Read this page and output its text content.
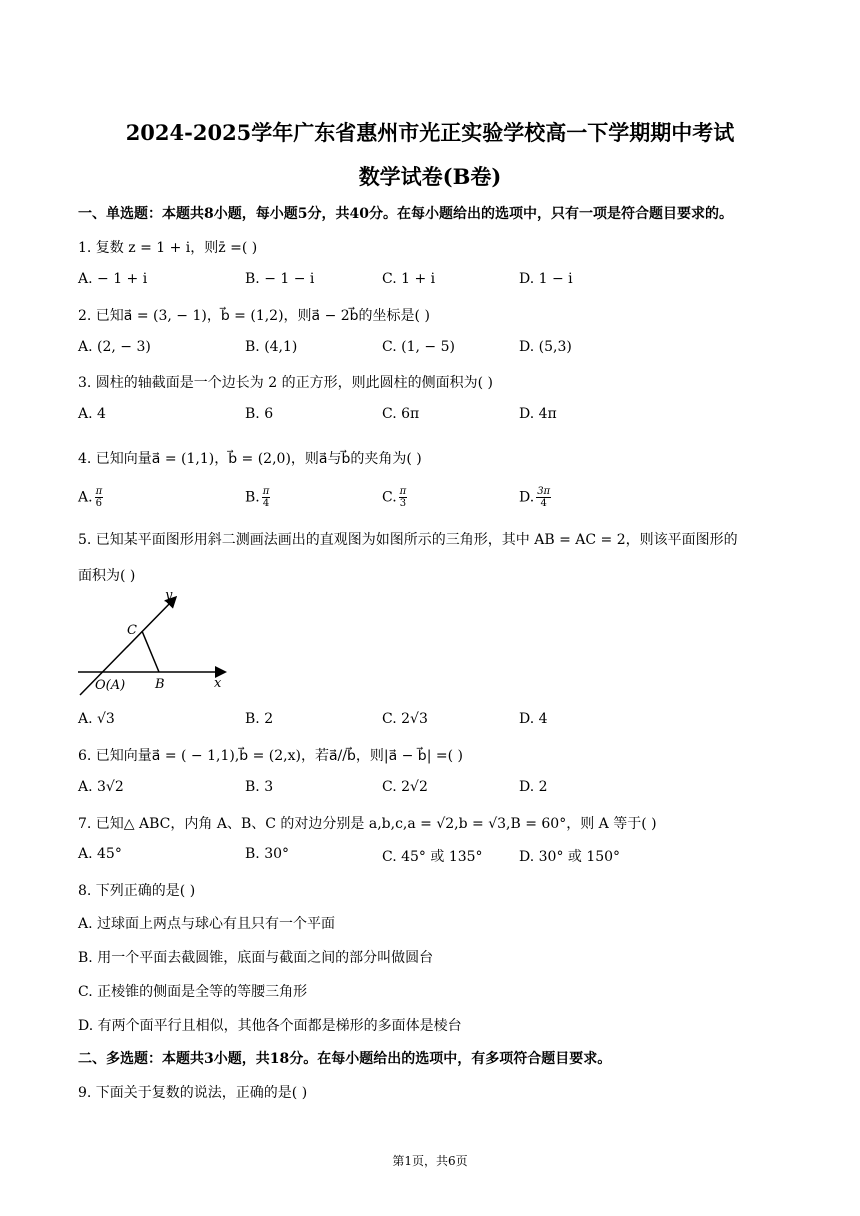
2024-2025学年广东省惠州市光正实验学校高一下学期期中考试
数学试卷(B卷)
一、单选题：本题共8小题，每小题5分，共40分。在每小题给出的选项中，只有一项是符合题目要求的。
1. 复数 z = 1 + i，则z̄ =( )
A. − 1 + i	B. − 1 − i	C. 1 + i	D. 1 − i
2. 已知a⃗ = (3, − 1)，b⃗ = (1,2)，则a⃗ − 2b⃗的坐标是( )
A. (2, − 3)	B. (4,1)	C. (1, − 5)	D. (5,3)
3. 圆柱的轴截面是一个边长为 2 的正方形，则此圆柱的侧面积为( )
A. 4	B. 6	C. 6π	D. 4π
4. 已知向量a⃗ = (1,1)，b⃗ = (2,0)，则a⃗与b⃗的夹角为( )
A. $\frac{\pi}{6}$	B. $\frac{\pi}{4}$	C. $\frac{\pi}{3}$	D. $\frac{3\pi}{4}$
5. 已知某平面图形用斜二测画法画出的直观图为如图所示的三角形，其中 AB = AC = 2，则该平面图形的
面积为( )
y
x
C
B
O(A)
A. √3	B. 2	C. 2√3	D. 4
6. 已知向量a⃗ = ( − 1,1),b⃗ = (2,x)，若a⃗//b⃗，则|a⃗ − b⃗| =( )
A. 3√2	B. 3	C. 2√2	D. 2
7. 已知△ ABC，内角 A、B、C 的对边分别是 a,b,c,a = √2,b = √3,B = 60°，则 A 等于( )
A. 45°	B. 30°	C. 45° 或 135°	D. 30° 或 150°
8. 下列正确的是( )
A. 过球面上两点与球心有且只有一个平面
B. 用一个平面去截圆锥，底面与截面之间的部分叫做圆台
C. 正棱锥的侧面是全等的等腰三角形
D. 有两个面平行且相似，其他各个面都是梯形的多面体是棱台
二、多选题：本题共3小题，共18分。在每小题给出的选项中，有多项符合题目要求。
9. 下面关于复数的说法，正确的是( )
第1页，共6页
